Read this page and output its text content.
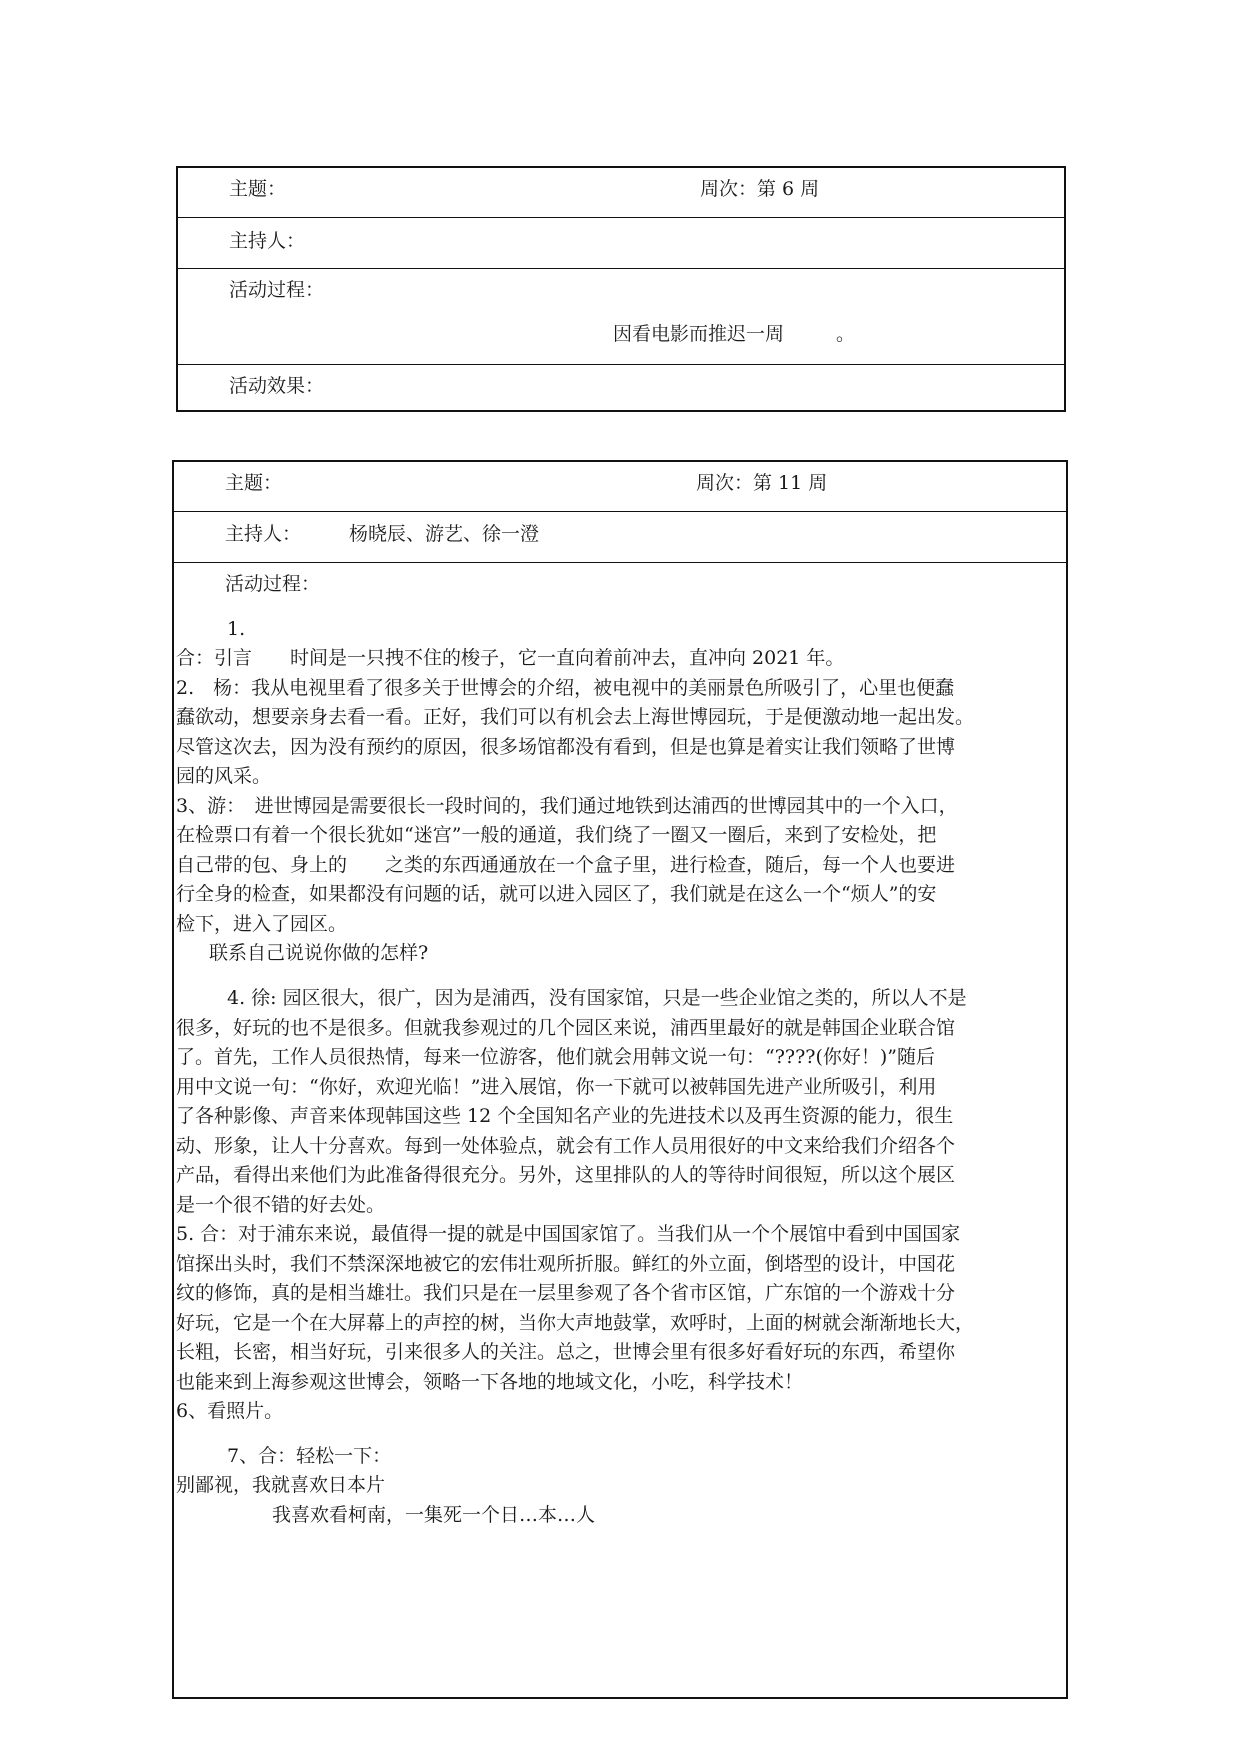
主题：	周次：第 6 周
主持人：
活动过程：
因看电影而推迟一周	。
活动效果：
主题：	周次：第 11 周
主持人：	杨晓辰、游艺、徐一澄
活动过程：
1.
合：引言　　时间是一只拽不住的梭子，它一直向着前冲去，直冲向 2021 年。
2.　杨：我从电视里看了很多关于世博会的介绍，被电视中的美丽景色所吸引了，心里也便蠢
蠢欲动，想要亲身去看一看。正好，我们可以有机会去上海世博园玩，于是便激动地一起出发。
尽管这次去，因为没有预约的原因，很多场馆都没有看到，但是也算是着实让我们领略了世博
园的风采。
3、游：　进世博园是需要很长一段时间的，我们通过地铁到达浦西的世博园其中的一个入口，
在检票口有着一个很长犹如“迷宫”一般的通道，我们绕了一圈又一圈后，来到了安检处，把
自己带的包、身上的　　之类的东西通通放在一个盒子里，进行检查，随后，每一个人也要进
行全身的检查，如果都没有问题的话，就可以进入园区了，我们就是在这么一个“烦人”的安
检下，进入了园区。
联系自己说说你做的怎样?
4. 徐: 园区很大，很广，因为是浦西，没有国家馆，只是一些企业馆之类的，所以人不是
很多，好玩的也不是很多。但就我参观过的几个园区来说，浦西里最好的就是韩国企业联合馆
了。首先，工作人员很热情，每来一位游客，他们就会用韩文说一句：“????(你好！)”随后
用中文说一句：“你好，欢迎光临！”进入展馆，你一下就可以被韩国先进产业所吸引，利用
了各种影像、声音来体现韩国这些 12 个全国知名产业的先进技术以及再生资源的能力，很生
动、形象，让人十分喜欢。每到一处体验点，就会有工作人员用很好的中文来给我们介绍各个
产品，看得出来他们为此准备得很充分。另外，这里排队的人的等待时间很短，所以这个展区
是一个很不错的好去处。
5. 合：对于浦东来说，最值得一提的就是中国国家馆了。当我们从一个个展馆中看到中国国家
馆探出头时，我们不禁深深地被它的宏伟壮观所折服。鲜红的外立面，倒塔型的设计，中国花
纹的修饰，真的是相当雄壮。我们只是在一层里参观了各个省市区馆，广东馆的一个游戏十分
好玩，它是一个在大屏幕上的声控的树，当你大声地鼓掌，欢呼时，上面的树就会渐渐地长大，
长粗，长密，相当好玩，引来很多人的关注。总之，世博会里有很多好看好玩的东西，希望你
也能来到上海参观这世博会，领略一下各地的地域文化，小吃，科学技术！
6、看照片。
7、合：轻松一下：
别鄙视，我就喜欢日本片
我喜欢看柯南，一集死一个日…本…人
